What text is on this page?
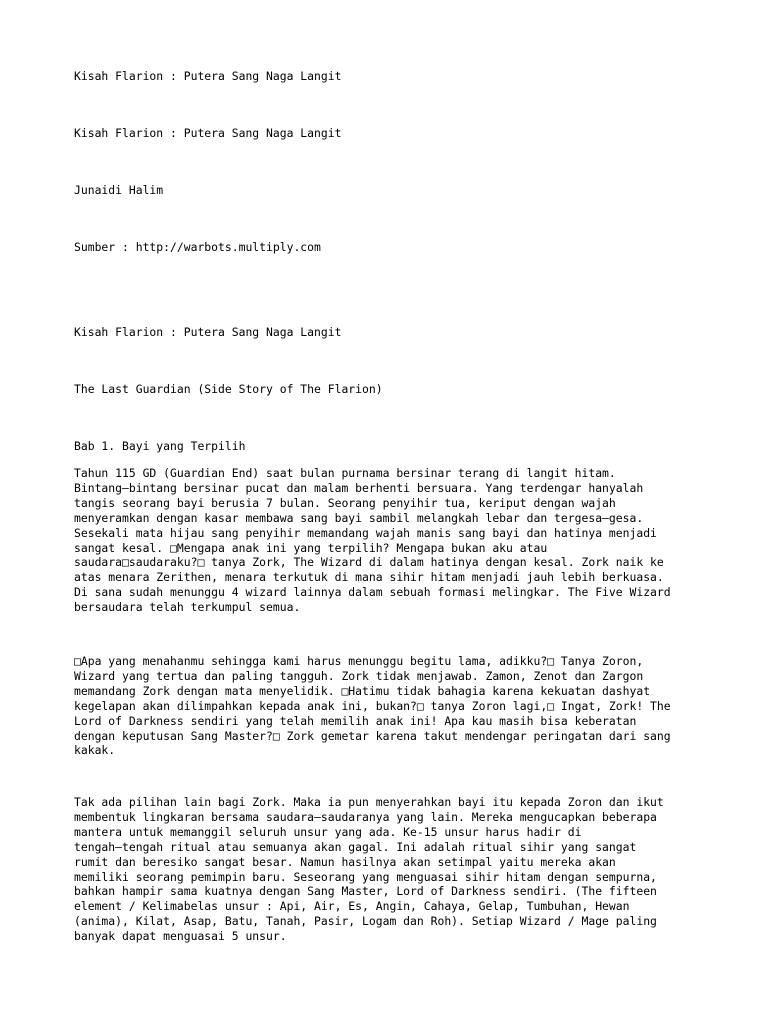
Kisah Flarion : Putera Sang Naga Langit
Kisah Flarion : Putera Sang Naga Langit
Junaidi Halim
Sumber : http://warbots.multiply.com
Kisah Flarion : Putera Sang Naga Langit
The Last Guardian (Side Story of The Flarion)
Bab 1. Bayi yang Terpilih
Tahun 115 GD (Guardian End) saat bulan purnama bersinar terang di langit hitam.
Bintang–bintang bersinar pucat dan malam berhenti bersuara. Yang terdengar hanyalah
tangis seorang bayi berusia 7 bulan. Seorang penyihir tua, keriput dengan wajah
menyeramkan dengan kasar membawa sang bayi sambil melangkah lebar dan tergesa–gesa.
Sesekali mata hijau sang penyihir memandang wajah manis sang bayi dan hatinya menjadi
sangat kesal. □Mengapa anak ini yang terpilih? Mengapa bukan aku atau
saudara□saudaraku?□ tanya Zork, The Wizard di dalam hatinya dengan kesal. Zork naik ke
atas menara Zerithen, menara terkutuk di mana sihir hitam menjadi jauh lebih berkuasa.
Di sana sudah menunggu 4 wizard lainnya dalam sebuah formasi melingkar. The Five Wizard
bersaudara telah terkumpul semua.
□Apa yang menahanmu sehingga kami harus menunggu begitu lama, adikku?□ Tanya Zoron,
Wizard yang tertua dan paling tangguh. Zork tidak menjawab. Zamon, Zenot dan Zargon
memandang Zork dengan mata menyelidik. □Hatimu tidak bahagia karena kekuatan dashyat
kegelapan akan dilimpahkan kepada anak ini, bukan?□ tanya Zoron lagi,□ Ingat, Zork! The
Lord of Darkness sendiri yang telah memilih anak ini! Apa kau masih bisa keberatan
dengan keputusan Sang Master?□ Zork gemetar karena takut mendengar peringatan dari sang
kakak.
Tak ada pilihan lain bagi Zork. Maka ia pun menyerahkan bayi itu kepada Zoron dan ikut
membentuk lingkaran bersama saudara–saudaranya yang lain. Mereka mengucapkan beberapa
mantera untuk memanggil seluruh unsur yang ada. Ke-15 unsur harus hadir di
tengah–tengah ritual atau semuanya akan gagal. Ini adalah ritual sihir yang sangat
rumit dan beresiko sangat besar. Namun hasilnya akan setimpal yaitu mereka akan
memiliki seorang pemimpin baru. Seseorang yang menguasai sihir hitam dengan sempurna,
bahkan hampir sama kuatnya dengan Sang Master, Lord of Darkness sendiri. (The fifteen
element / Kelimabelas unsur : Api, Air, Es, Angin, Cahaya, Gelap, Tumbuhan, Hewan
(anima), Kilat, Asap, Batu, Tanah, Pasir, Logam dan Roh). Setiap Wizard / Mage paling
banyak dapat menguasai 5 unsur.
